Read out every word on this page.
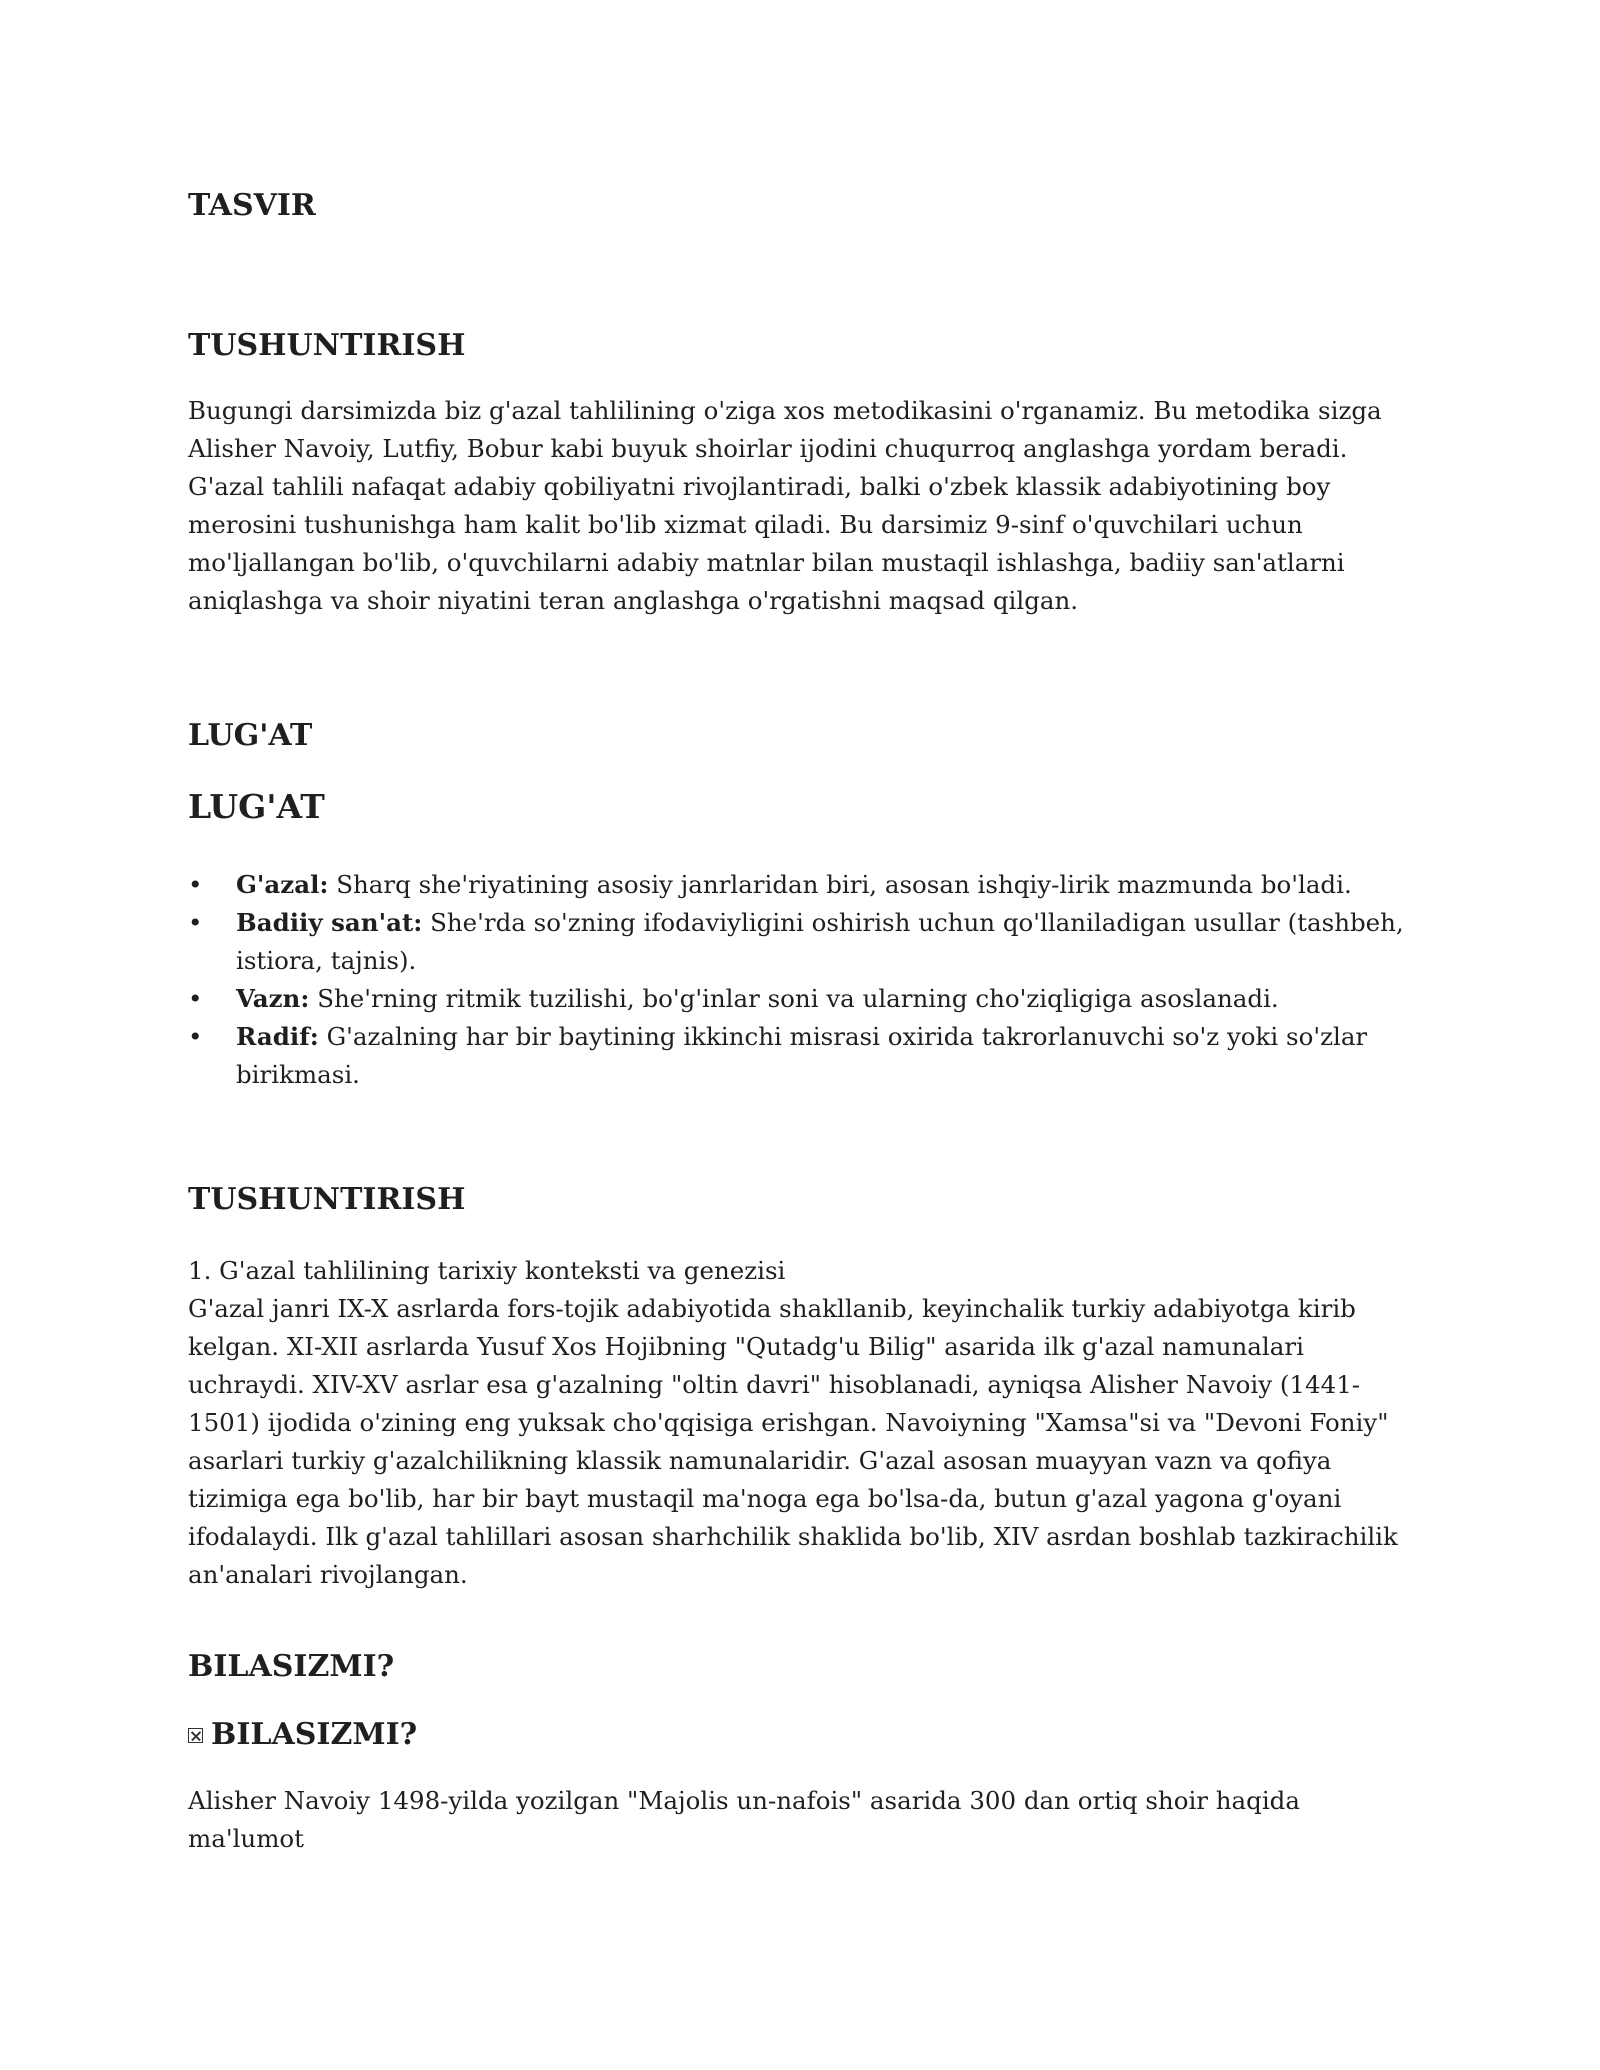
TASVIR
TUSHUNTIRISH

Bugungi darsimizda biz g'azal tahlilining o'ziga xos metodikasini o'rganamiz. Bu metodika sizga Alisher Navoiy, Lutfiy, Bobur kabi buyuk shoirlar ijodini chuqurroq anglashga yordam beradi. G'azal tahlili nafaqat adabiy qobiliyatni rivojlantiradi, balki o'zbek klassik adabiyotining boy merosini tushunishga ham kalit bo'lib xizmat qiladi. Bu darsimiz 9-sinf o'quvchilari uchun mo'ljallangan bo'lib, o'quvchilarni adabiy matnlar bilan mustaqil ishlashga, badiiy san'atlarni aniqlashga va shoir niyatini teran anglashga o'rgatishni maqsad qilgan.

LUG'AT
LUG'AT
• G'azal: Sharq she'riyatining asosiy janrlaridan biri, asosan ishqiy-lirik mazmunda bo'ladi.
• Badiiy san'at: She'rda so'zning ifodaviyligini oshirish uchun qo'llaniladigan usullar (tashbeh, istiora, tajnis).
• Vazn: She'rning ritmik tuzilishi, bo'g'inlar soni va ularning cho'ziqligiga asoslanadi.
• Radif: G'azalning har bir baytining ikkinchi misrasi oxirida takrorlanuvchi so'z yoki so'zlar birikmasi.
TUSHUNTIRISH

1. G'azal tahlilining tarixiy konteksti va genezisi

G'azal janri IX-X asrlarda fors-tojik adabiyotida shakllanib, keyinchalik turkiy adabiyotga kirib kelgan. XI-XII asrlarda Yusuf Xos Hojibning "Qutadg'u Bilig" asarida ilk g'azal namunalari uchraydi. XIV-XV asrlar esa g'azalning "oltin davri" hisoblanadi, ayniqsa Alisher Navoiy (1441-1501) ijodida o'zining eng yuksak cho'qqisiga erishgan. Navoiyning "Xamsa"si va "Devoni Foniy" asarlari turkiy g'azalchilikning klassik namunalaridir. G'azal asosan muayyan vazn va qofiya tizimiga ega bo'lib, har bir bayt mustaqil ma'noga ega bo'lsa-da, butun g'azal yagona g'oyani ifodalaydi. Ilk g'azal tahlillari asosan sharhchilik shaklida bo'lib, XIV asrdan boshlab tazkirachilik an'analari rivojlangan.

BILASIZMI?
BILASIZMI?

Alisher Navoiy 1498-yilda yozilgan "Majolis un-nafois" asarida 300 dan ortiq shoir haqida ma'lumot
